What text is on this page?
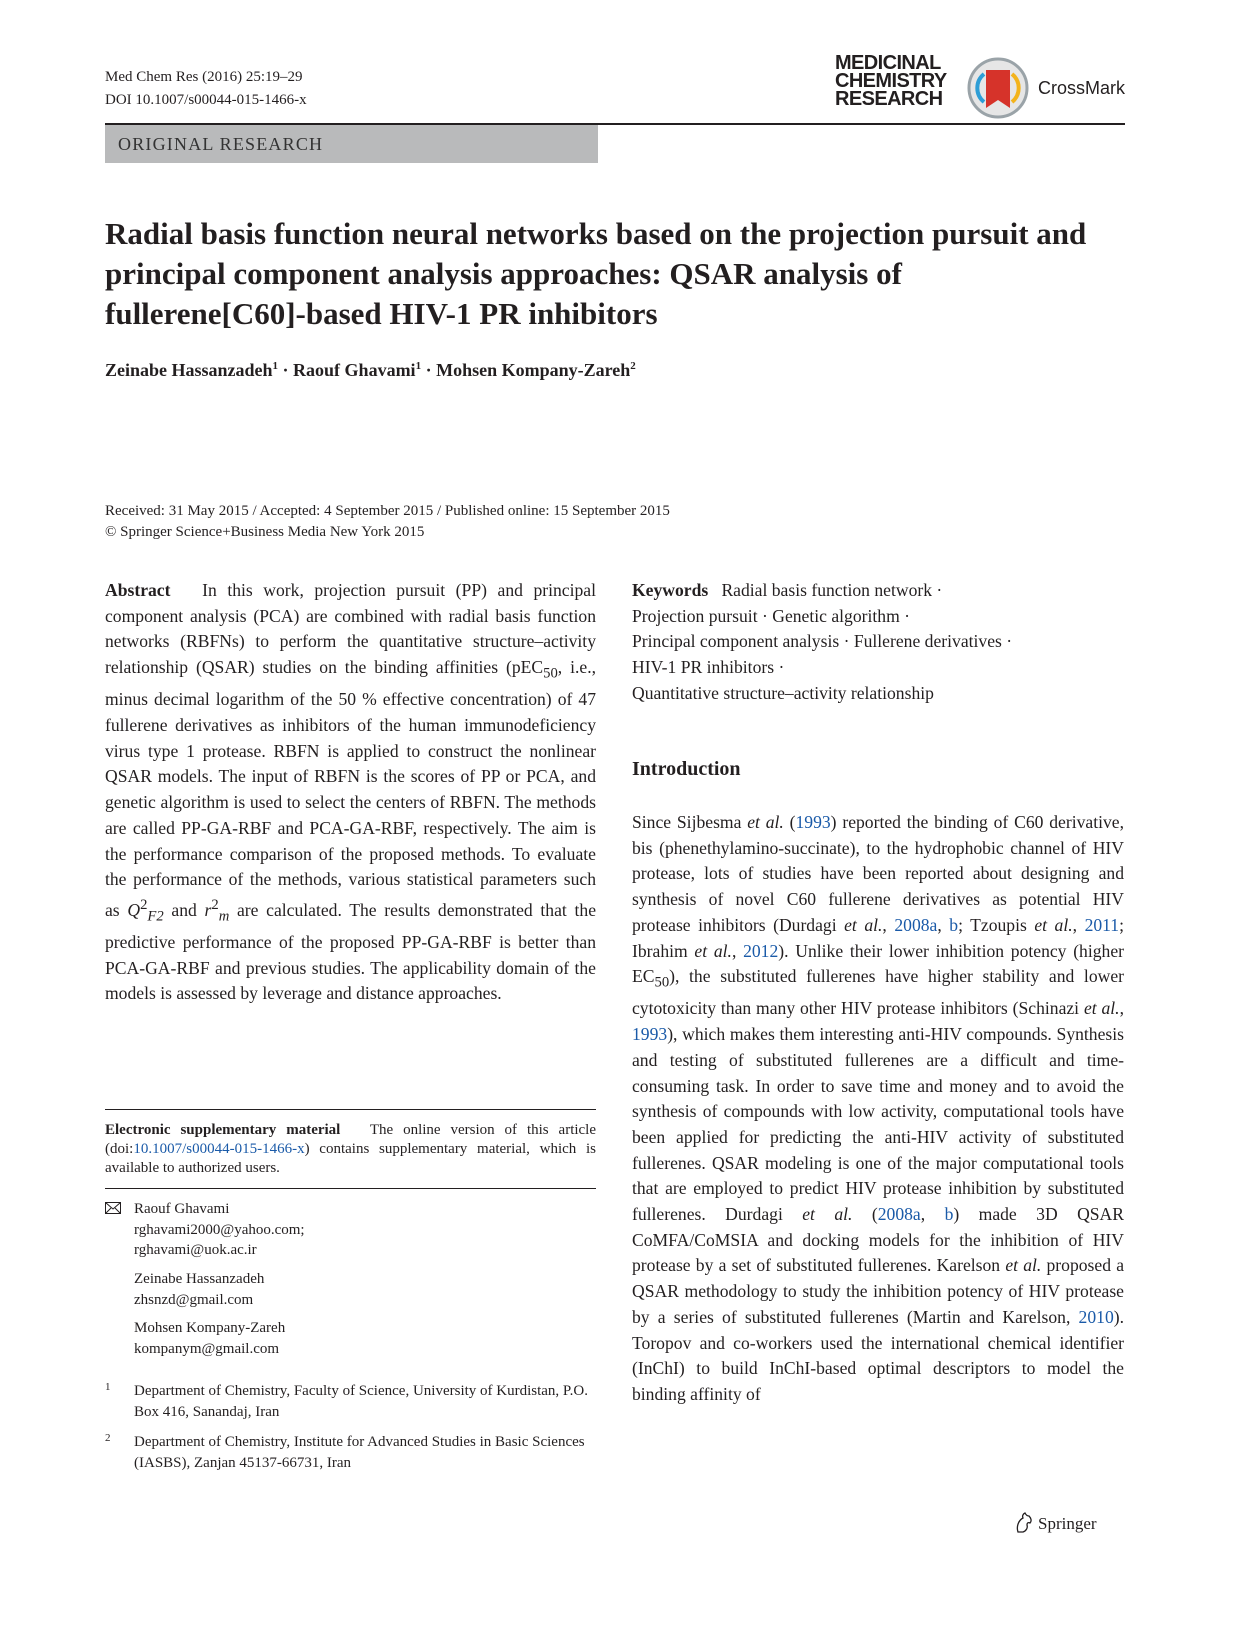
Med Chem Res (2016) 25:19–29
DOI 10.1007/s00044-015-1466-x
MEDICINAL
CHEMISTRY
RESEARCH	CrossMark
ORIGINAL RESEARCH
Radial basis function neural networks based on the projection pursuit and principal component analysis approaches: QSAR analysis of fullerene[C60]-based HIV-1 PR inhibitors
Zeinabe Hassanzadeh$^1$ · Raouf Ghavami$^1$ · Mohsen Kompany-Zareh$^2$
Received: 31 May 2015 / Accepted: 4 September 2015 / Published online: 15 September 2015
© Springer Science+Business Media New York 2015
Abstract In this work, projection pursuit (PP) and principal component analysis (PCA) are combined with radial basis function networks (RBFNs) to perform the quantitative structure–activity relationship (QSAR) studies on the binding affinities (pEC$_{50}$, i.e., minus decimal logarithm of the 50 % effective concentration) of 47 fullerene derivatives as inhibitors of the human immunodeficiency virus type 1 protease. RBFN is applied to construct the nonlinear QSAR models. The input of RBFN is the scores of PP or PCA, and genetic algorithm is used to select the centers of RBFN. The methods are called PP-GA-RBF and PCA-GA-RBF, respectively. The aim is the performance comparison of the proposed methods. To evaluate the performance of the methods, various statistical parameters such as $Q^2_{F2}$ and $r^2_m$ are calculated. The results demonstrated that the predictive performance of the proposed PP-GA-RBF is better than PCA-GA-RBF and previous studies. The applicability domain of the models is assessed by leverage and distance approaches.
Electronic supplementary material The online version of this article (doi:10.1007/s00044-015-1466-x) contains supplementary material, which is available to authorized users.
Raouf Ghavami
rghavami2000@yahoo.com;
rghavami@uok.ac.ir
Zeinabe Hassanzadeh
zhsnzd@gmail.com
Mohsen Kompany-Zareh
kompanym@gmail.com
1 Department of Chemistry, Faculty of Science, University of Kurdistan, P.O. Box 416, Sanandaj, Iran
2 Department of Chemistry, Institute for Advanced Studies in Basic Sciences (IASBS), Zanjan 45137-66731, Iran
Keywords Radial basis function network ·
Projection pursuit · Genetic algorithm ·
Principal component analysis · Fullerene derivatives ·
HIV-1 PR inhibitors ·
Quantitative structure–activity relationship
Introduction
Since Sijbesma et al. (1993) reported the binding of C60 derivative, bis (phenethylamino-succinate), to the hydrophobic channel of HIV protease, lots of studies have been reported about designing and synthesis of novel C60 fullerene derivatives as potential HIV protease inhibitors (Durdagi et al., 2008a, b; Tzoupis et al., 2011; Ibrahim et al., 2012). Unlike their lower inhibition potency (higher $EC_{50}$), the substituted fullerenes have higher stability and lower cytotoxicity than many other HIV protease inhibitors (Schinazi et al., 1993), which makes them interesting anti-HIV compounds. Synthesis and testing of substituted fullerenes are a difficult and time-consuming task. In order to save time and money and to avoid the synthesis of compounds with low activity, computational tools have been applied for predicting the anti-HIV activity of substituted fullerenes. QSAR modeling is one of the major computational tools that are employed to predict HIV protease inhibition by substituted fullerenes. Durdagi et al. (2008a, b) made 3D QSAR CoMFA/CoMSIA and docking models for the inhibition of HIV protease by a set of substituted fullerenes. Karelson et al. proposed a QSAR methodology to study the inhibition potency of HIV protease by a series of substituted fullerenes (Martin and Karelson, 2010). Toropov and co-workers used the international chemical identifier (InChI) to build InChI-based optimal descriptors to model the binding affinity of
Springer
